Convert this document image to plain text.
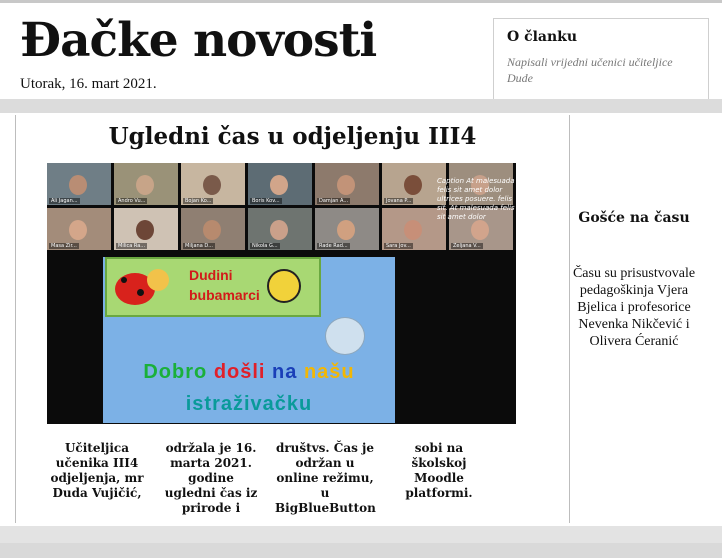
Đačke novosti
Utorak, 16. mart 2021.
O članku

Napisali vrijedni učenici učiteljice Dude

Ugledni čas u odjeljenju III4
Ali Jagan...	Andro Vu...	Bojan Ko...	Boris Kov...	Damjan A...	Jovana P...
Masa Zir...	Milica Ra...	Miljana D...	Nikola G...	Rade Rad...	Sara Jov...	Zeljana V...
Caption At malesuada felis sit amet dolor ultrices posuere. felis sit. At malesuada felis sit amet dolor
Dudini
bubamarci
Dobro došli na našu
istraživačku
Učiteljica učenika III4 odjeljenja, mr Duda Vujičić,
održala je 16. marta 2021. godine ugledni čas iz prirode i
društvs. Čas je održan u online režimu, u BigBlueButton
sobi na školskoj Moodle platformi.
Gošće na času

Času su prisustvovale pedagoškinja Vjera Bjelica i profesorice Nevenka Nikčević i Olivera Ćeranić
